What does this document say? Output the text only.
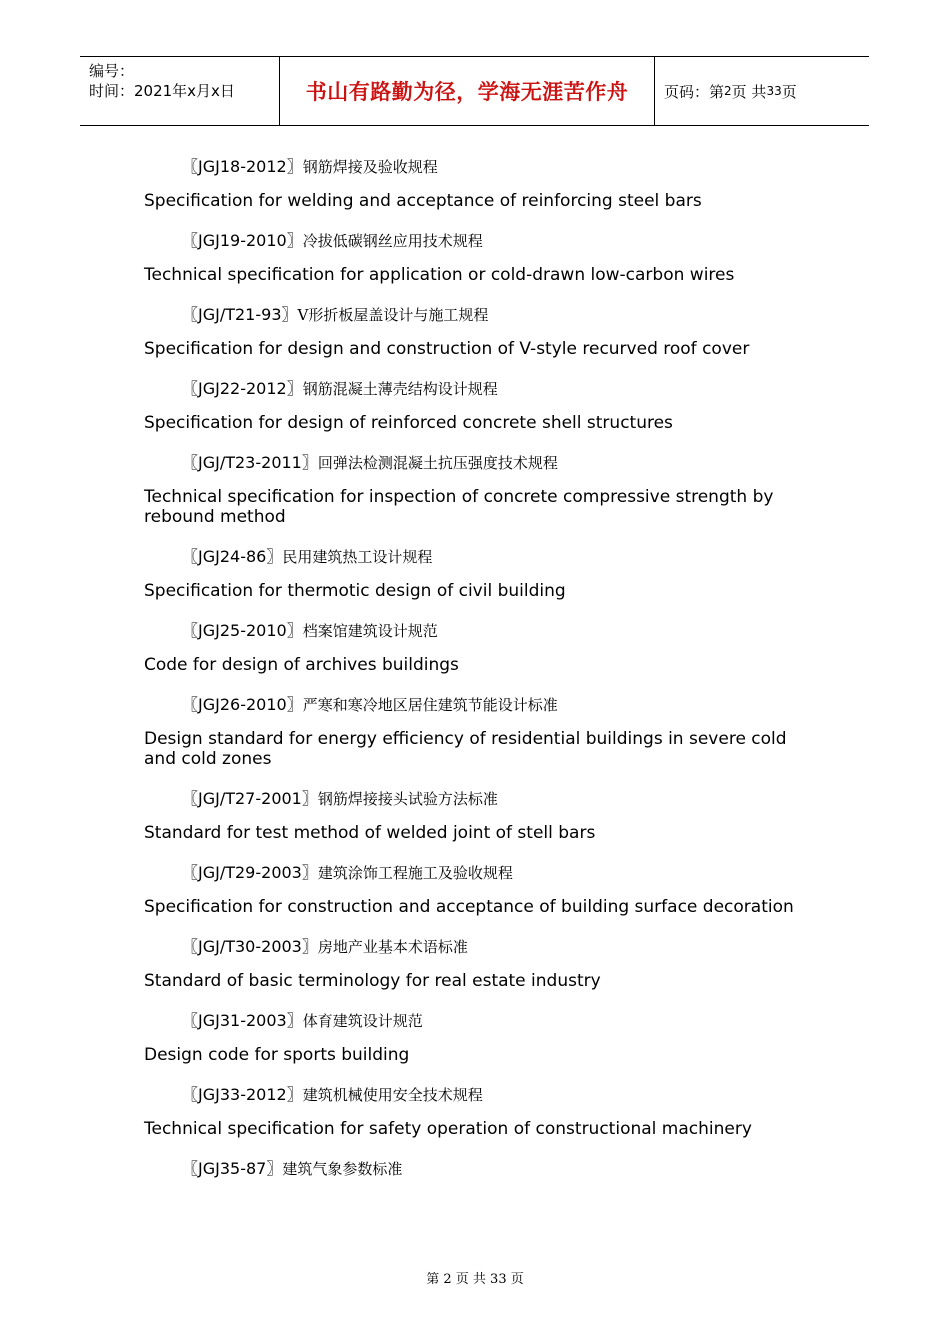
编号：
时间：2021年x月x日	书山有路勤为径，学海无涯苦作舟	页码：第 2 页 共 33 页
〖JGJ18-2012〗钢筋焊接及验收规程
Specification for welding and acceptance of reinforcing steel bars
〖JGJ19-2010〗冷拔低碳钢丝应用技术规程
Technical specification for application or cold-drawn low-carbon wires
〖JGJ/T21-93〗V形折板屋盖设计与施工规程
Specification for design and construction of V-style recurved roof cover
〖JGJ22-2012〗钢筋混凝土薄壳结构设计规程
Specification for design of reinforced concrete shell structures
〖JGJ/T23-2011〗回弹法检测混凝土抗压强度技术规程
Technical specification for inspection of concrete compressive strength by rebound method
〖JGJ24-86〗民用建筑热工设计规程
Specification for thermotic design of civil building
〖JGJ25-2010〗档案馆建筑设计规范
Code for design of archives buildings
〖JGJ26-2010〗严寒和寒冷地区居住建筑节能设计标准
Design standard for energy efficiency of residential buildings in severe cold and cold zones
〖JGJ/T27-2001〗钢筋焊接接头试验方法标准
Standard for test method of welded joint of stell bars
〖JGJ/T29-2003〗建筑涂饰工程施工及验收规程
Specification for construction and acceptance of building surface decoration
〖JGJ/T30-2003〗房地产业基本术语标准
Standard of basic terminology for real estate industry
〖JGJ31-2003〗体育建筑设计规范
Design code for sports building
〖JGJ33-2012〗建筑机械使用安全技术规程
Technical specification for safety operation of constructional machinery
〖JGJ35-87〗建筑气象参数标准
第 2 页 共 33 页
